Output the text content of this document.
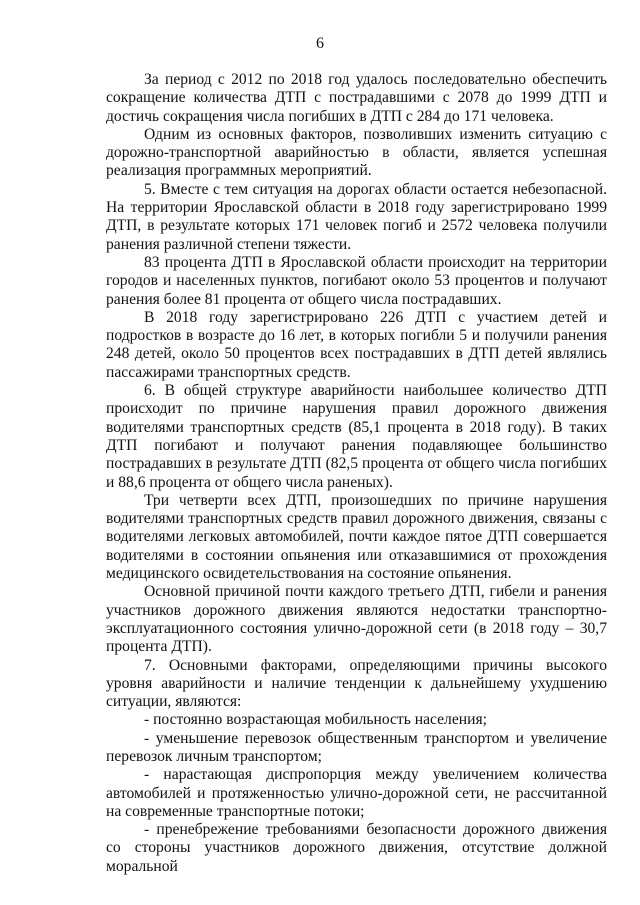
6

За период с 2012 по 2018 год удалось последовательно обеспечить сокращение количества ДТП с пострадавшими с 2078 до 1999 ДТП и достичь сокращения числа погибших в ДТП с 284 до 171 человека.

Одним из основных факторов, позволивших изменить ситуацию с дорожно-транспортной аварийностью в области, является успешная реализация программных мероприятий.

5. Вместе с тем ситуация на дорогах области остается небезопасной. На территории Ярославской области в 2018 году зарегистрировано 1999 ДТП, в результате которых 171 человек погиб и 2572 человека получили ранения различной степени тяжести.

83 процента ДТП в Ярославской области происходит на территории городов и населенных пунктов, погибают около 53 процентов и получают ранения более 81 процента от общего числа пострадавших.

В 2018 году зарегистрировано 226 ДТП с участием детей и подростков в возрасте до 16 лет, в которых погибли 5 и получили ранения 248 детей, около 50 процентов всех пострадавших в ДТП детей являлись пассажирами транспортных средств.

6. В общей структуре аварийности наибольшее количество ДТП происходит по причине нарушения правил дорожного движения водителями транспортных средств (85,1 процента в 2018 году). В таких ДТП погибают и получают ранения подавляющее большинство пострадавших в результате ДТП (82,5 процента от общего числа погибших и 88,6 процента от общего числа раненых).

Три четверти всех ДТП, произошедших по причине нарушения водителями транспортных средств правил дорожного движения, связаны с водителями легковых автомобилей, почти каждое пятое ДТП совершается водителями в состоянии опьянения или отказавшимися от прохождения медицинского освидетельствования на состояние опьянения.

Основной причиной почти каждого третьего ДТП, гибели и ранения участников дорожного движения являются недостатки транспортно-эксплуатационного состояния улично-дорожной сети (в 2018 году – 30,7 процента ДТП).

7. Основными факторами, определяющими причины высокого уровня аварийности и наличие тенденции к дальнейшему ухудшению ситуации, являются:

- постоянно возрастающая мобильность населения;

- уменьшение перевозок общественным транспортом и увеличение перевозок личным транспортом;

- нарастающая диспропорция между увеличением количества автомобилей и протяженностью улично-дорожной сети, не рассчитанной на современные транспортные потоки;

- пренебрежение требованиями безопасности дорожного движения со стороны участников дорожного движения, отсутствие должной моральной
